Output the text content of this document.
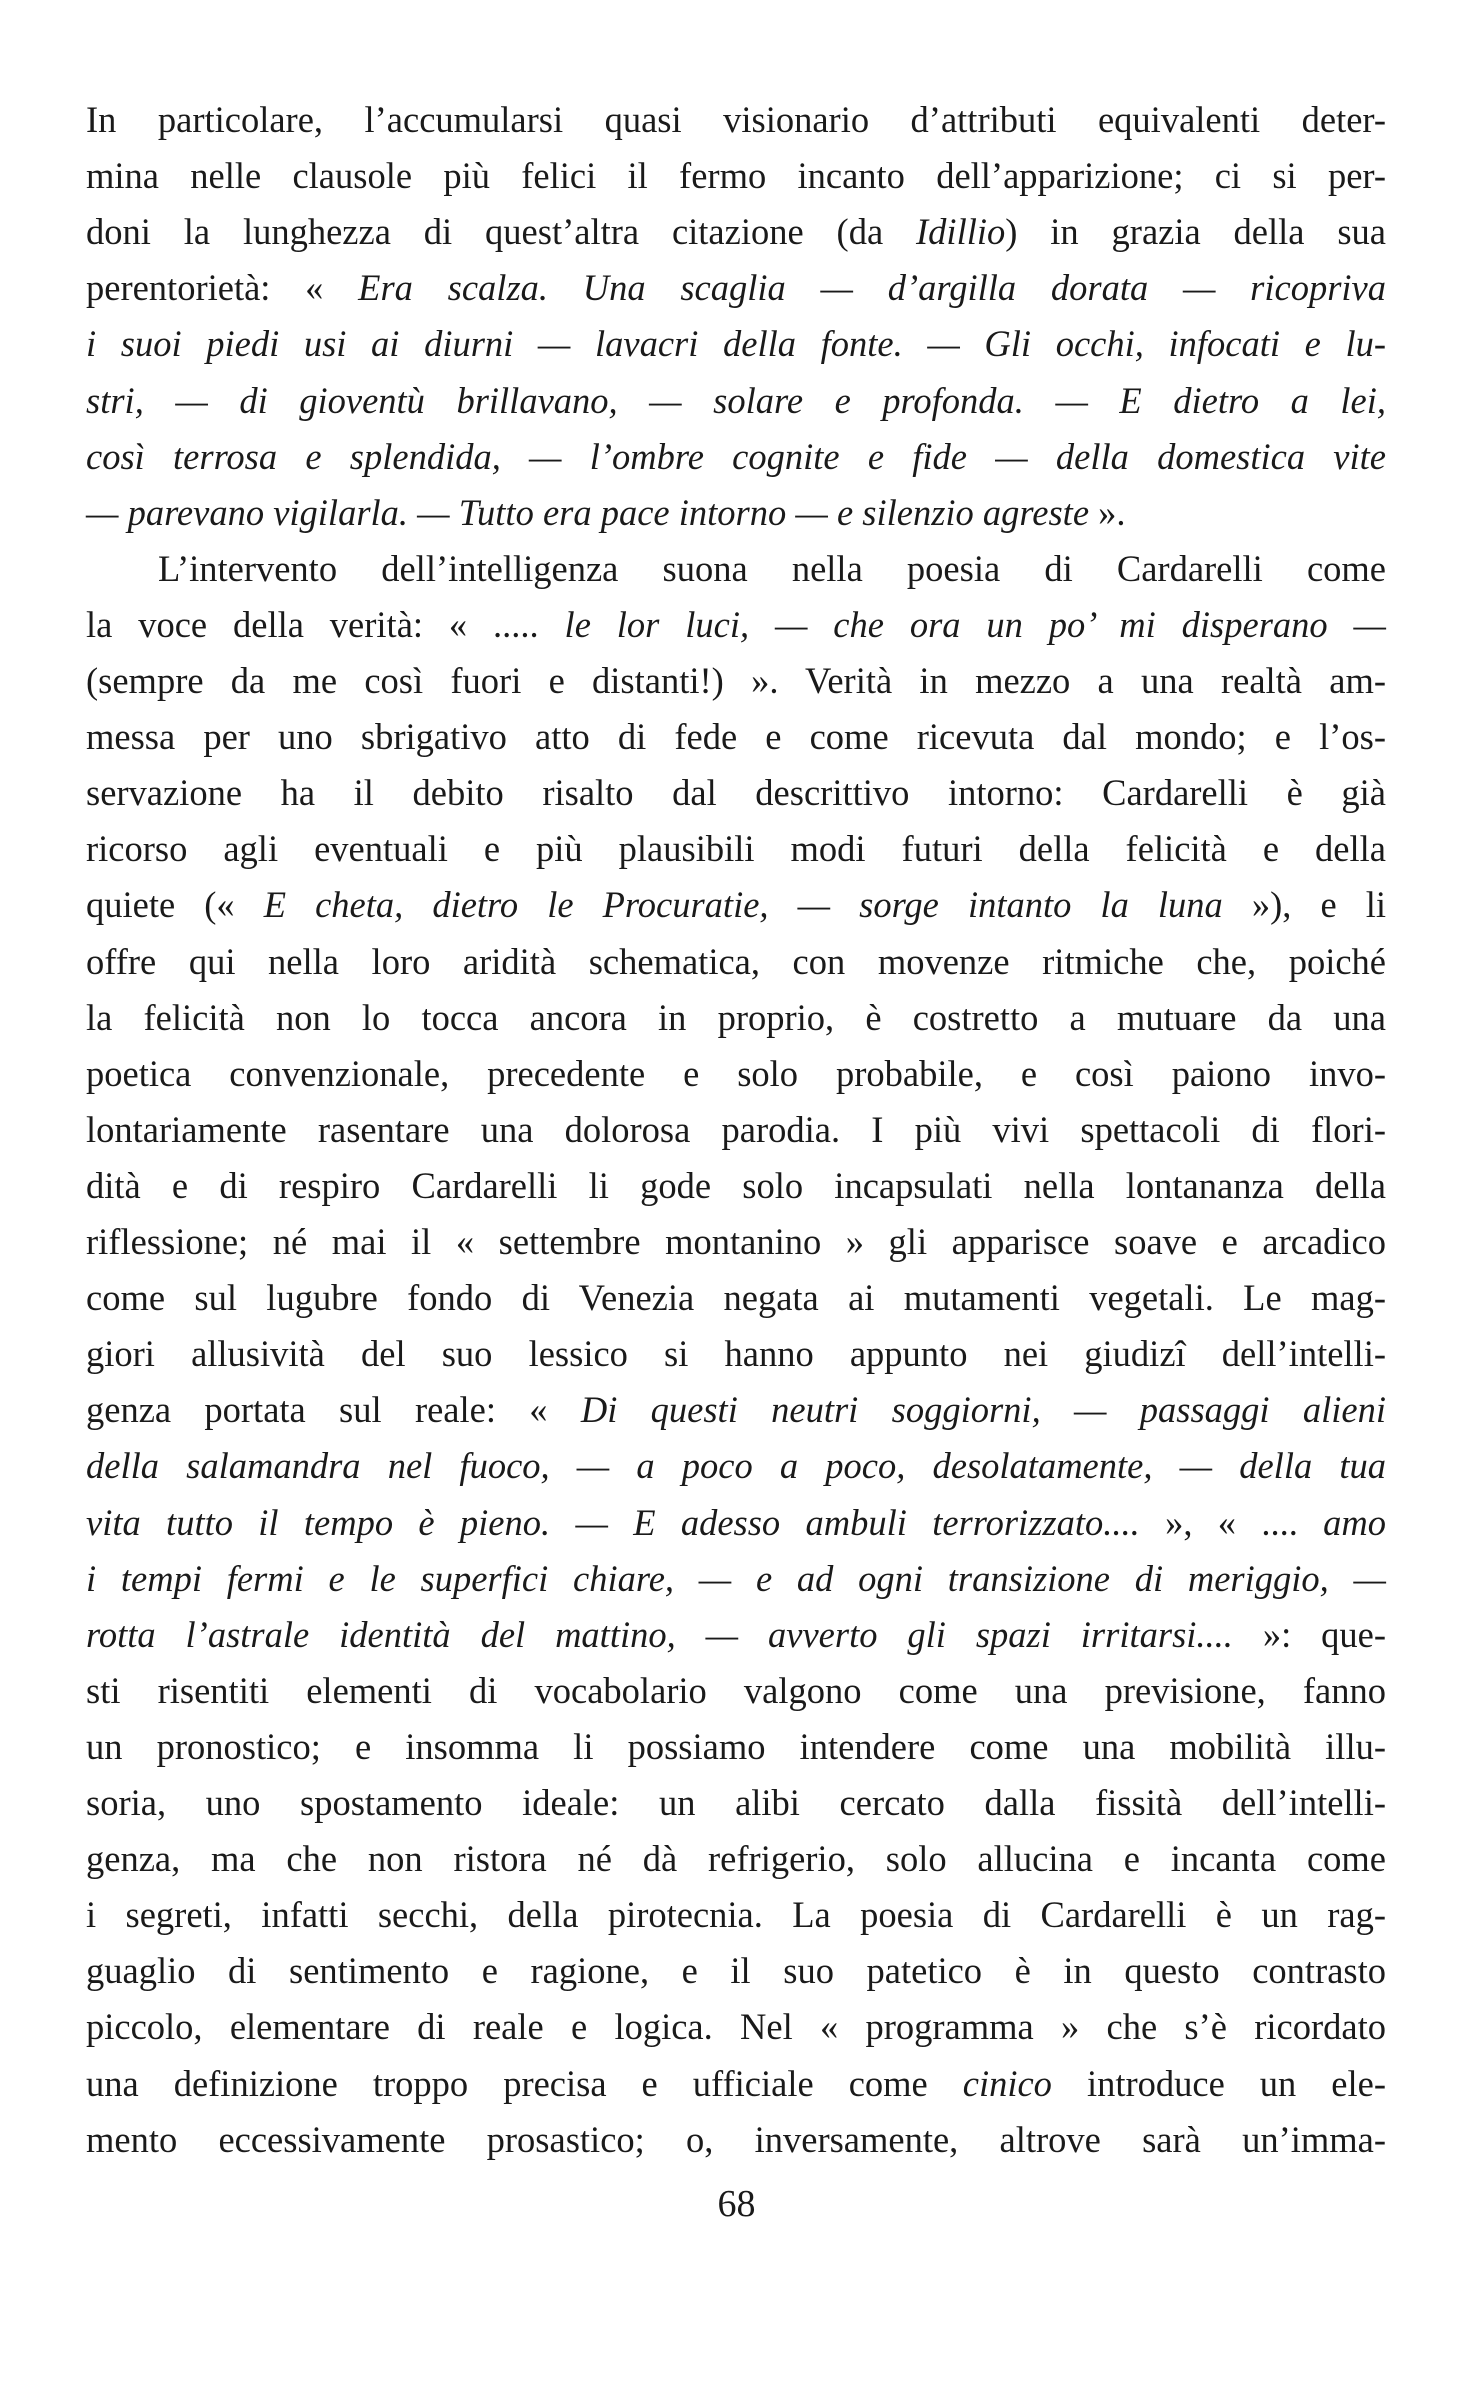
In particolare, l’accumularsi quasi visionario d’attributi equivalenti deter-
mina nelle clausole più felici il fermo incanto dell’apparizione; ci si per-
doni la lunghezza di quest’altra citazione (da Idillio) in grazia della sua
perentorietà: « Era scalza. Una scaglia — d’argilla dorata — ricopriva
i suoi piedi usi ai diurni — lavacri della fonte. — Gli occhi, infocati e lu-
stri, — di gioventù brillavano, — solare e profonda. — E dietro a lei,
così terrosa e splendida, — l’ombre cognite e fide — della domestica vite
— parevano vigilarla. — Tutto era pace intorno — e silenzio agreste ».
L’intervento dell’intelligenza suona nella poesia di Cardarelli come
la voce della verità: « ..... le lor luci, — che ora un po’ mi disperano —
(sempre da me così fuori e distanti!) ». Verità in mezzo a una realtà am-
messa per uno sbrigativo atto di fede e come ricevuta dal mondo; e l’os-
servazione ha il debito risalto dal descrittivo intorno: Cardarelli è già
ricorso agli eventuali e più plausibili modi futuri della felicità e della
quiete (« E cheta, dietro le Procuratie, — sorge intanto la luna »), e li
offre qui nella loro aridità schematica, con movenze ritmiche che, poiché
la felicità non lo tocca ancora in proprio, è costretto a mutuare da una
poetica convenzionale, precedente e solo probabile, e così paiono invo-
lontariamente rasentare una dolorosa parodia. I più vivi spettacoli di flori-
dità e di respiro Cardarelli li gode solo incapsulati nella lontananza della
riflessione; né mai il « settembre montanino » gli apparisce soave e arcadico
come sul lugubre fondo di Venezia negata ai mutamenti vegetali. Le mag-
giori allusività del suo lessico si hanno appunto nei giudizî dell’intelli-
genza portata sul reale: « Di questi neutri soggiorni, — passaggi alieni
della salamandra nel fuoco, — a poco a poco, desolatamente, — della tua
vita tutto il tempo è pieno. — E adesso ambuli terrorizzato.... », « .... amo
i tempi fermi e le superfici chiare, — e ad ogni transizione di meriggio, —
rotta l’astrale identità del mattino, — avverto gli spazi irritarsi.... »: que-
sti risentiti elementi di vocabolario valgono come una previsione, fanno
un pronostico; e insomma li possiamo intendere come una mobilità illu-
soria, uno spostamento ideale: un alibi cercato dalla fissità dell’intelli-
genza, ma che non ristora né dà refrigerio, solo allucina e incanta come
i segreti, infatti secchi, della pirotecnia. La poesia di Cardarelli è un rag-
guaglio di sentimento e ragione, e il suo patetico è in questo contrasto
piccolo, elementare di reale e logica. Nel « programma » che s’è ricordato
una definizione troppo precisa e ufficiale come cinico introduce un ele-
mento eccessivamente prosastico; o, inversamente, altrove sarà un’imma-
68
